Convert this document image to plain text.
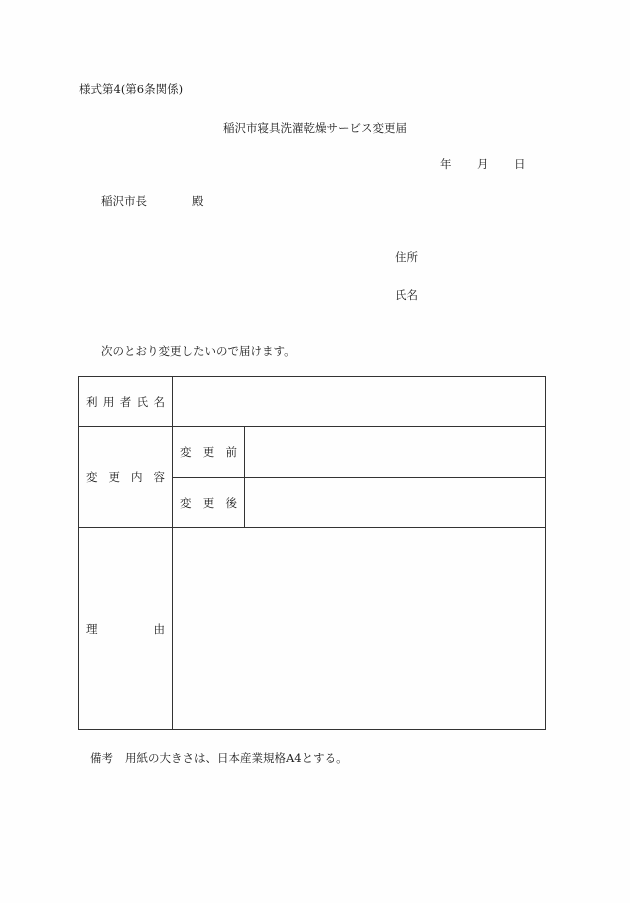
様式第4(第6条関係)
稲沢市寝具洗濯乾燥サービス変更届
年 月 日
稲沢市長	殿
住所
氏名
次のとおり変更したいので届けます。
利 用 者 氏 名		

変 更 内 容	変 更 前	

	変 更 後	

理 由		

備考 用紙の大きさは、日本産業規格A4とする。
